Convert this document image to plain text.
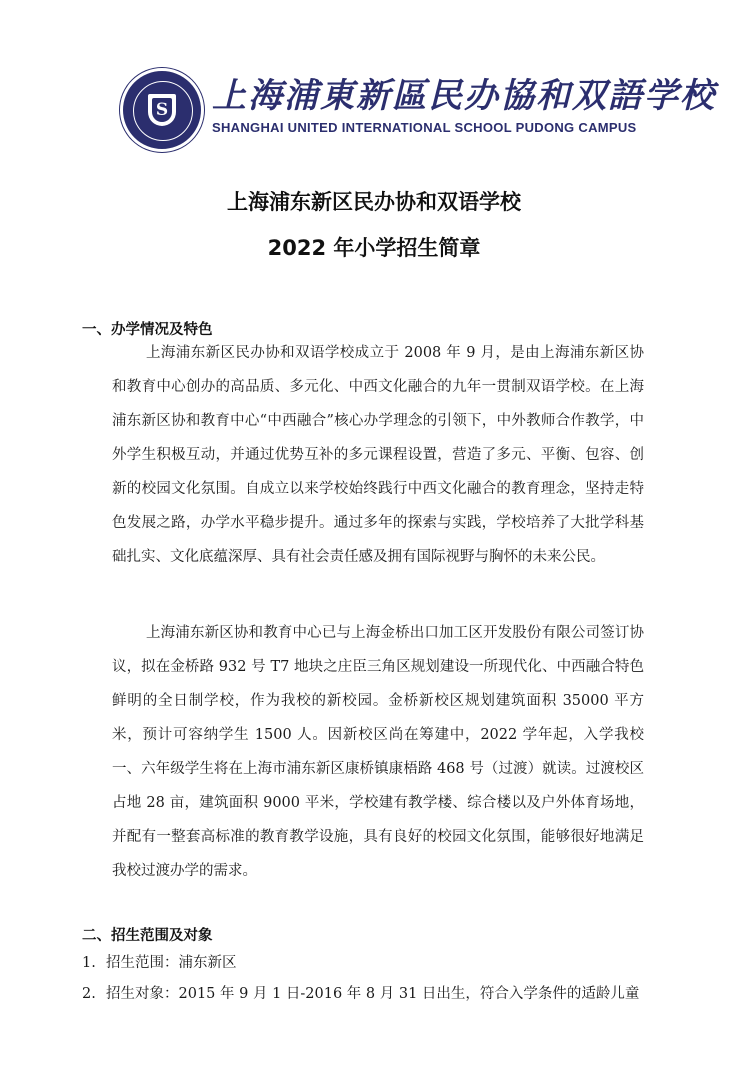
S 上海浦東新區民办協和双語学校
SHANGHAI UNITED INTERNATIONAL SCHOOL PUDONG CAMPUS
上海浦东新区民办协和双语学校
2022 年小学招生简章
一、办学情况及特色

上海浦东新区民办协和双语学校成立于 2008 年 9 月，是由上海浦东新区协和教育中心创办的高品质、多元化、中西文化融合的九年一贯制双语学校。在上海浦东新区协和教育中心“中西融合”核心办学理念的引领下，中外教师合作教学，中外学生积极互动，并通过优势互补的多元课程设置，营造了多元、平衡、包容、创新的校园文化氛围。自成立以来学校始终践行中西文化融合的教育理念，坚持走特色发展之路，办学水平稳步提升。通过多年的探索与实践，学校培养了大批学科基础扎实、文化底蕴深厚、具有社会责任感及拥有国际视野与胸怀的未来公民。

上海浦东新区协和教育中心已与上海金桥出口加工区开发股份有限公司签订协议，拟在金桥路 932 号 T7 地块之庄臣三角区规划建设一所现代化、中西融合特色鲜明的全日制学校，作为我校的新校园。金桥新校区规划建筑面积 35000 平方米，预计可容纳学生 1500 人。因新校区尚在筹建中，2022 学年起，入学我校一、六年级学生将在上海市浦东新区康桥镇康梧路 468 号（过渡）就读。过渡校区占地 28 亩，建筑面积 9000 平米，学校建有教学楼、综合楼以及户外体育场地，并配有一整套高标准的教育教学设施，具有良好的校园文化氛围，能够很好地满足我校过渡办学的需求。

二、招生范围及对象
1. 招生范围：浦东新区
2. 招生对象：2015 年 9 月 1 日-2016 年 8 月 31 日出生，符合入学条件的适龄儿童
